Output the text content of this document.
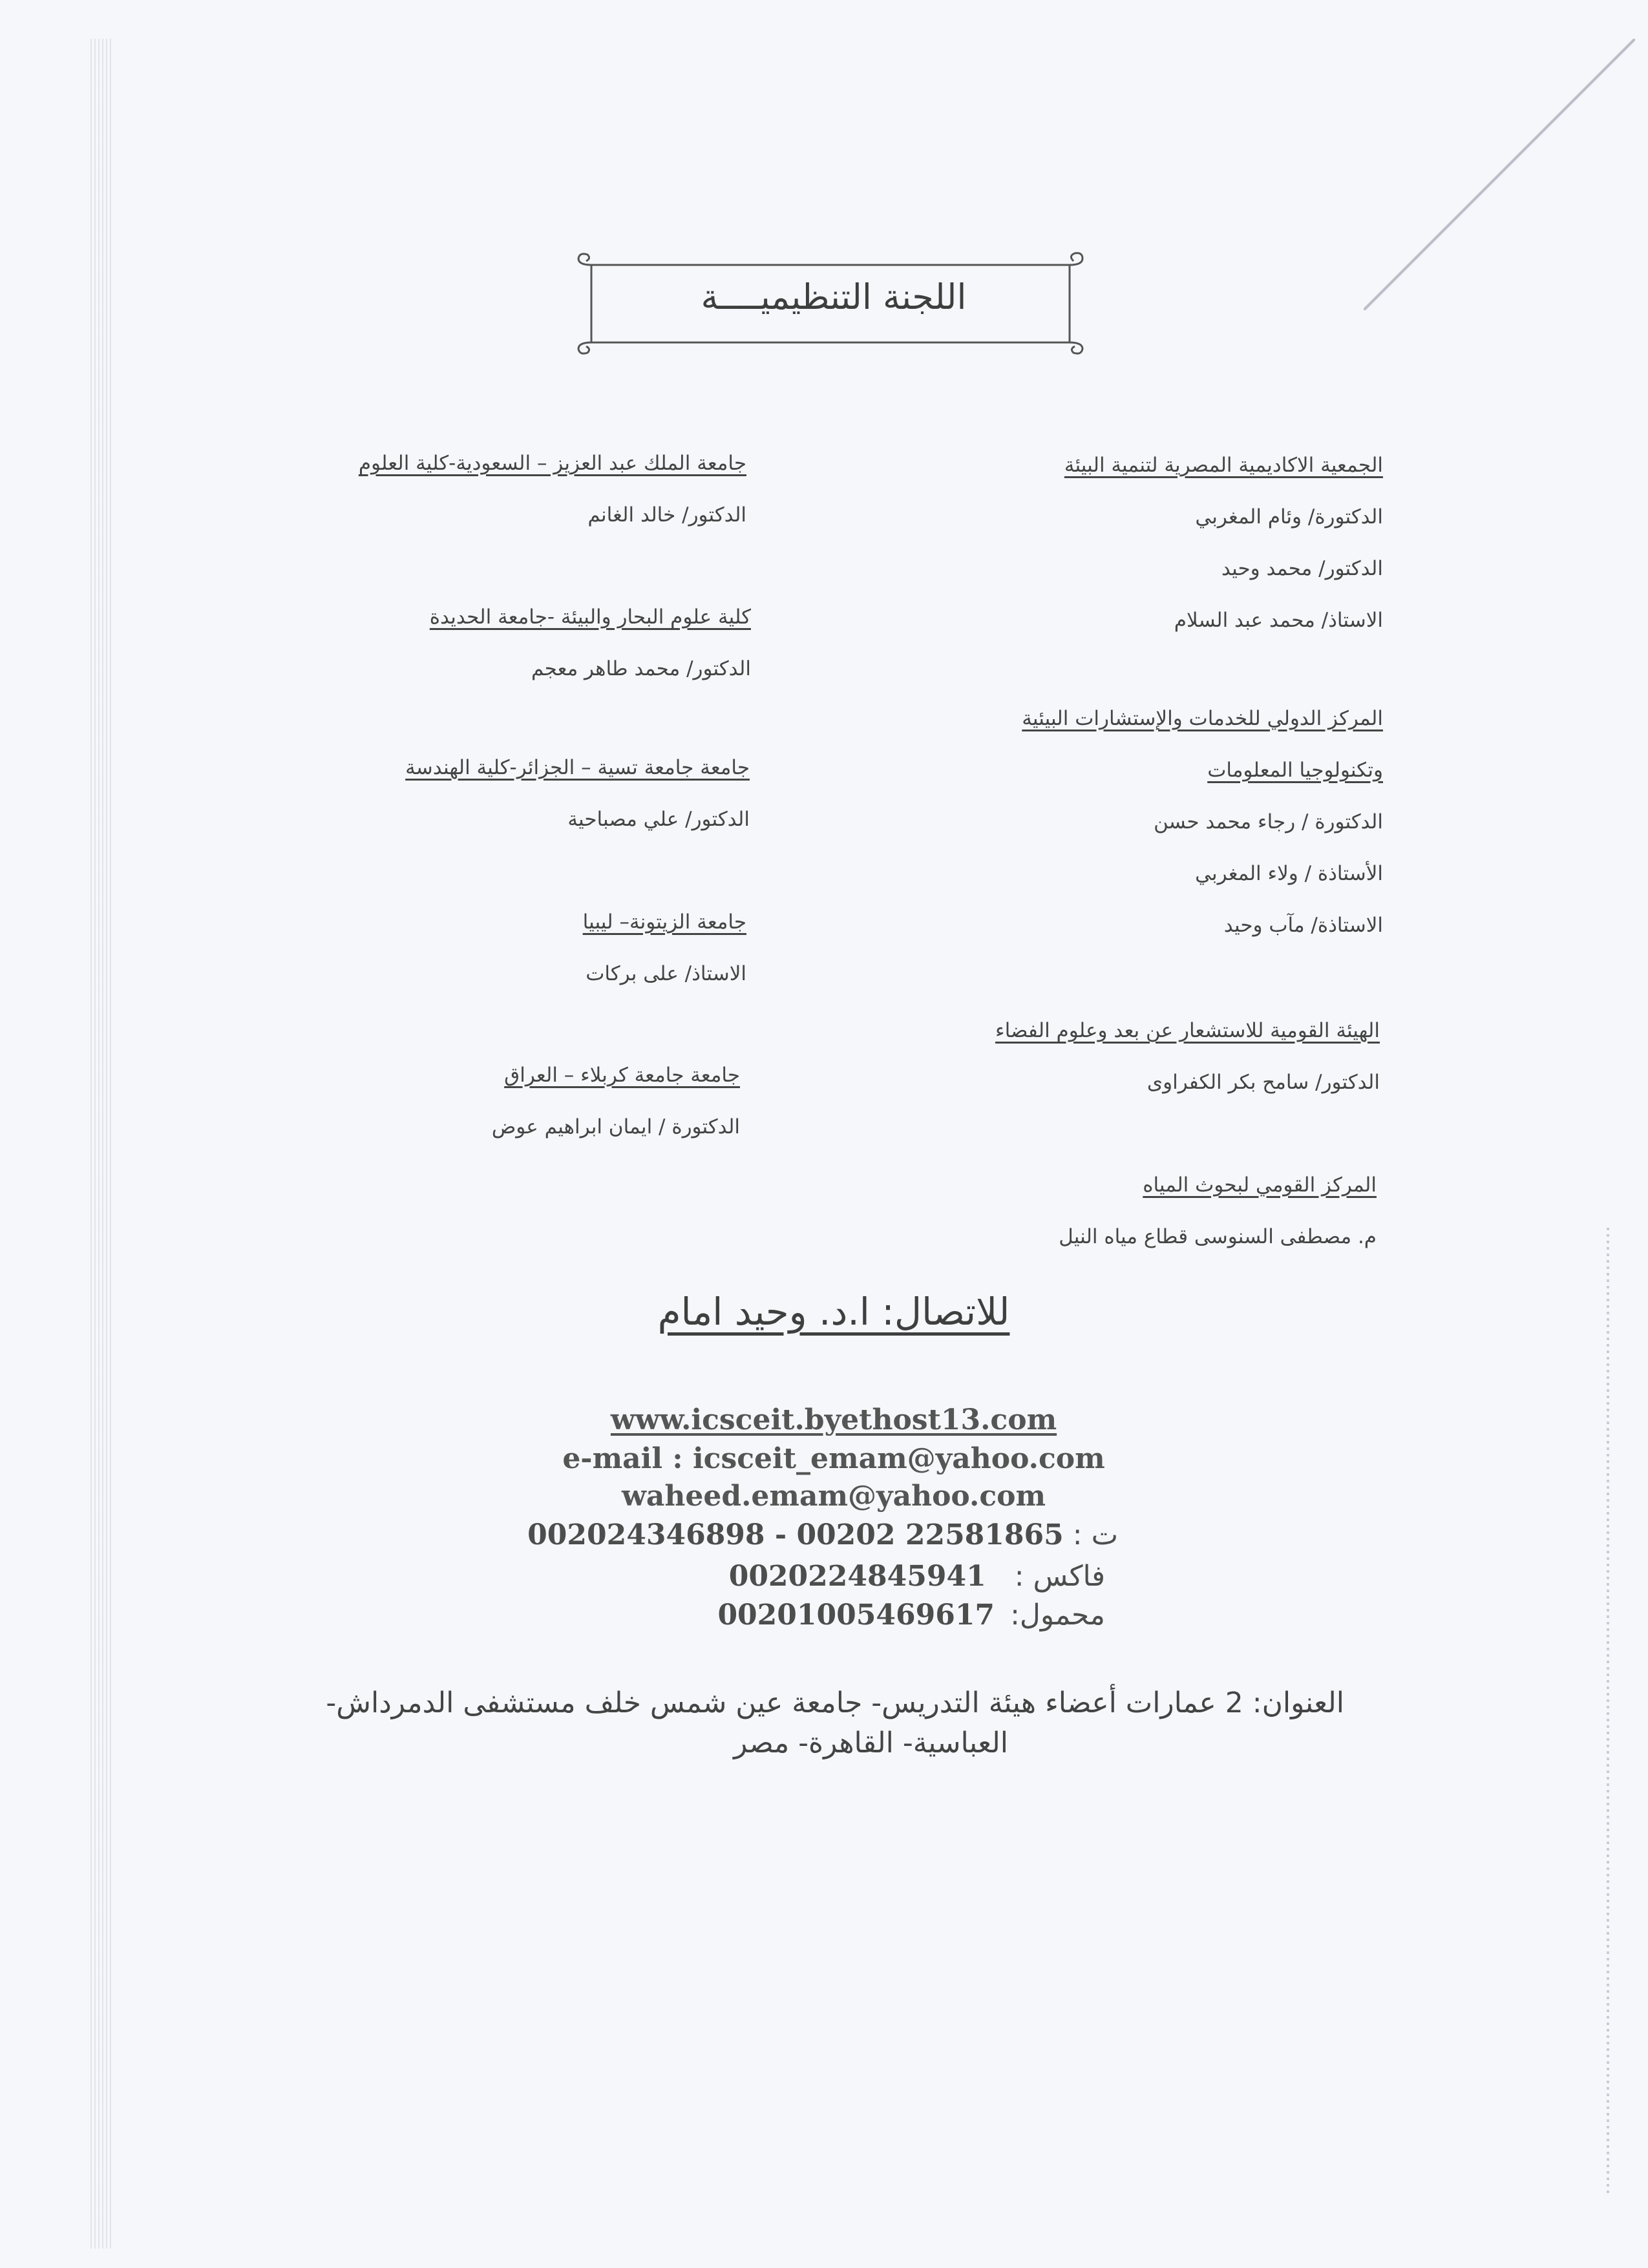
اللجنة التنظيميــــة
الجمعية الاكاديمية المصرية لتنمية البيئة
الدكتورة/ وئام المغربي
الدكتور/ محمد وحيد
الاستاذ/ محمد عبد السلام
المركز الدولي للخدمات والإستشارات البيئية
وتكنولوجيا المعلومات
الدكتورة / رجاء محمد حسن
الأستاذة / ولاء المغربي
الاستاذة/ مآب وحيد
الهيئة القومية للاستشعار عن بعد وعلوم الفضاء
الدكتور/ سامح بكر الكفراوى
المركز القومي لبحوث المياه
م. مصطفى السنوسى قطاع مياه النيل
جامعة الملك عبد العزيز – السعودية-كلية العلوم
الدكتور/ خالد الغانم
كلية علوم البحار والبيئة -جامعة الحديدة
الدكتور/ محمد طاهر معجم
جامعة جامعة تسية – الجزائر-كلية الهندسة
الدكتور/ علي مصباحية
جامعة الزيتونة– ليبيا
الاستاذ/ على بركات
جامعة جامعة كربلاء – العراق
الدكتورة / ايمان ابراهيم عوض
للاتصال: ا.د. وحيد امام
www.icsceit.byethost13.com
e-mail : icsceit_emam@yahoo.com
waheed.emam@yahoo.com
ت : 002024346898 - 00202 22581865
فاكس : 0020224845941
محمول: 00201005469617
العنوان: 2 عمارات أعضاء هيئة التدريس- جامعة عين شمس خلف مستشفى الدمرداش-
العباسية- القاهرة- مصر
